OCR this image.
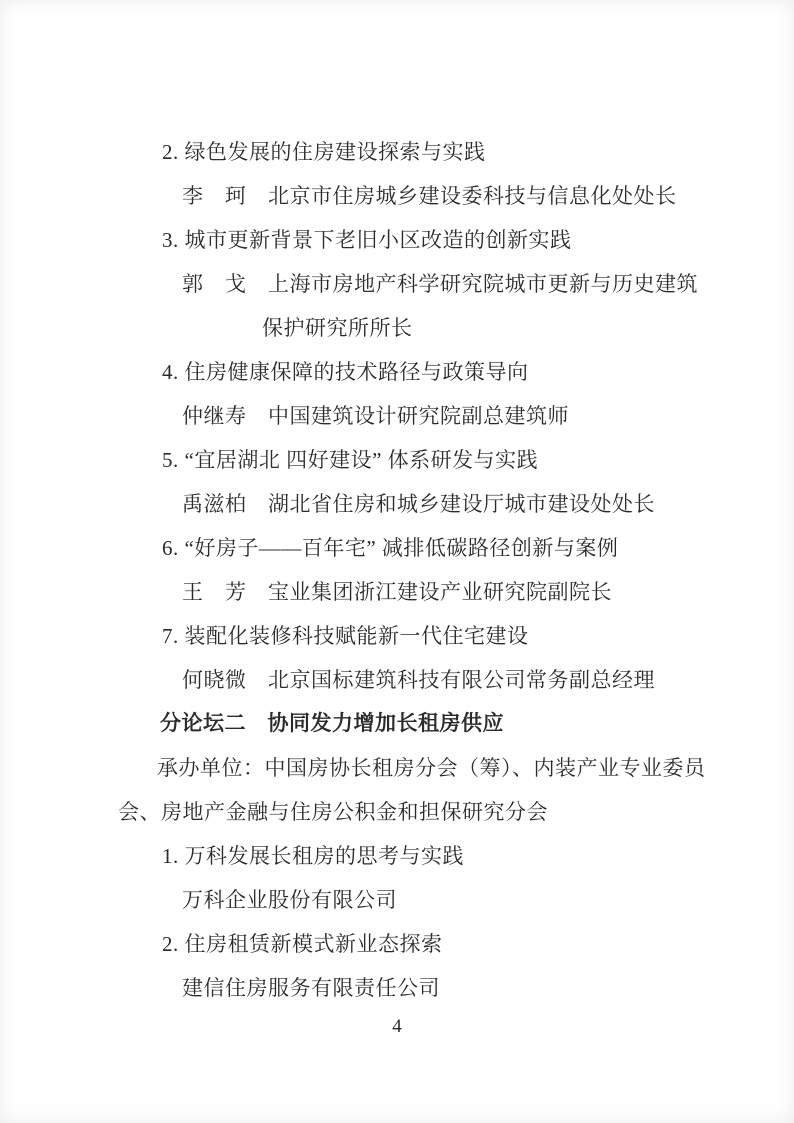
2. 绿色发展的住房建设探索与实践

李　珂　北京市住房城乡建设委科技与信息化处处长

3. 城市更新背景下老旧小区改造的创新实践

郭　戈　上海市房地产科学研究院城市更新与历史建筑

保护研究所所长

4. 住房健康保障的技术路径与政策导向

仲继寿　中国建筑设计研究院副总建筑师

5. “宜居湖北 四好建设” 体系研发与实践

禹滋柏　湖北省住房和城乡建设厅城市建设处处长

6. “好房子——百年宅” 减排低碳路径创新与案例

王　芳　宝业集团浙江建设产业研究院副院长

7. 装配化装修科技赋能新一代住宅建设

何晓微　北京国标建筑科技有限公司常务副总经理

分论坛二　协同发力增加长租房供应

承办单位：中国房协长租房分会（筹）、内装产业专业委员

会、房地产金融与住房公积金和担保研究分会

1. 万科发展长租房的思考与实践

万科企业股份有限公司

2. 住房租赁新模式新业态探索

建信住房服务有限责任公司

4
